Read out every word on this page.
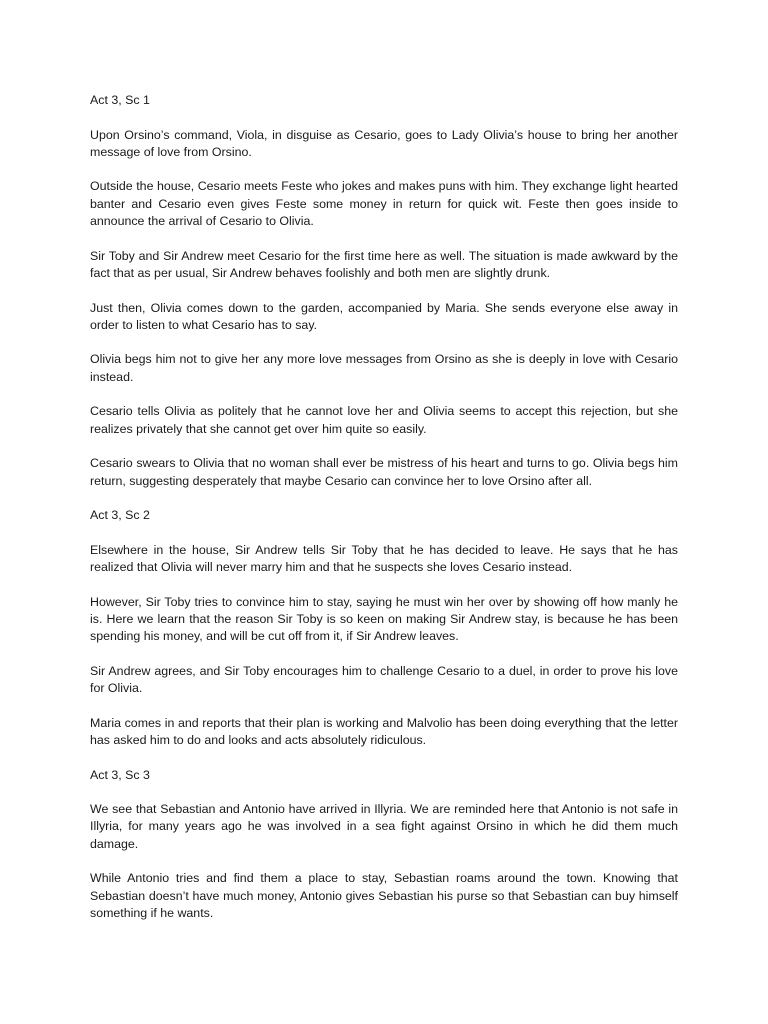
Act 3, Sc 1

Upon Orsino’s command, Viola, in disguise as Cesario, goes to Lady Olivia’s house to bring her another message of love from Orsino.

Outside the house, Cesario meets Feste who jokes and makes puns with him. They exchange light hearted banter and Cesario even gives Feste some money in return for quick wit. Feste then goes inside to announce the arrival of Cesario to Olivia.

Sir Toby and Sir Andrew meet Cesario for the first time here as well. The situation is made awkward by the fact that as per usual, Sir Andrew behaves foolishly and both men are slightly drunk.

Just then, Olivia comes down to the garden, accompanied by Maria. She sends everyone else away in order to listen to what Cesario has to say.

Olivia begs him not to give her any more love messages from Orsino as she is deeply in love with Cesario instead.

Cesario tells Olivia as politely that he cannot love her and Olivia seems to accept this rejection, but she realizes privately that she cannot get over him quite so easily.

Cesario swears to Olivia that no woman shall ever be mistress of his heart and turns to go. Olivia begs him return, suggesting desperately that maybe Cesario can convince her to love Orsino after all.

Act 3, Sc 2

Elsewhere in the house, Sir Andrew tells Sir Toby that he has decided to leave. He says that he has realized that Olivia will never marry him and that he suspects she loves Cesario instead.

However, Sir Toby tries to convince him to stay, saying he must win her over by showing off how manly he is. Here we learn that the reason Sir Toby is so keen on making Sir Andrew stay, is because he has been spending his money, and will be cut off from it, if Sir Andrew leaves.

Sir Andrew agrees, and Sir Toby encourages him to challenge Cesario to a duel, in order to prove his love for Olivia.

Maria comes in and reports that their plan is working and Malvolio has been doing everything that the letter has asked him to do and looks and acts absolutely ridiculous.

Act 3, Sc 3

We see that Sebastian and Antonio have arrived in Illyria. We are reminded here that Antonio is not safe in Illyria, for many years ago he was involved in a sea fight against Orsino in which he did them much damage.

While Antonio tries and find them a place to stay, Sebastian roams around the town. Knowing that Sebastian doesn’t have much money, Antonio gives Sebastian his purse so that Sebastian can buy himself something if he wants.
